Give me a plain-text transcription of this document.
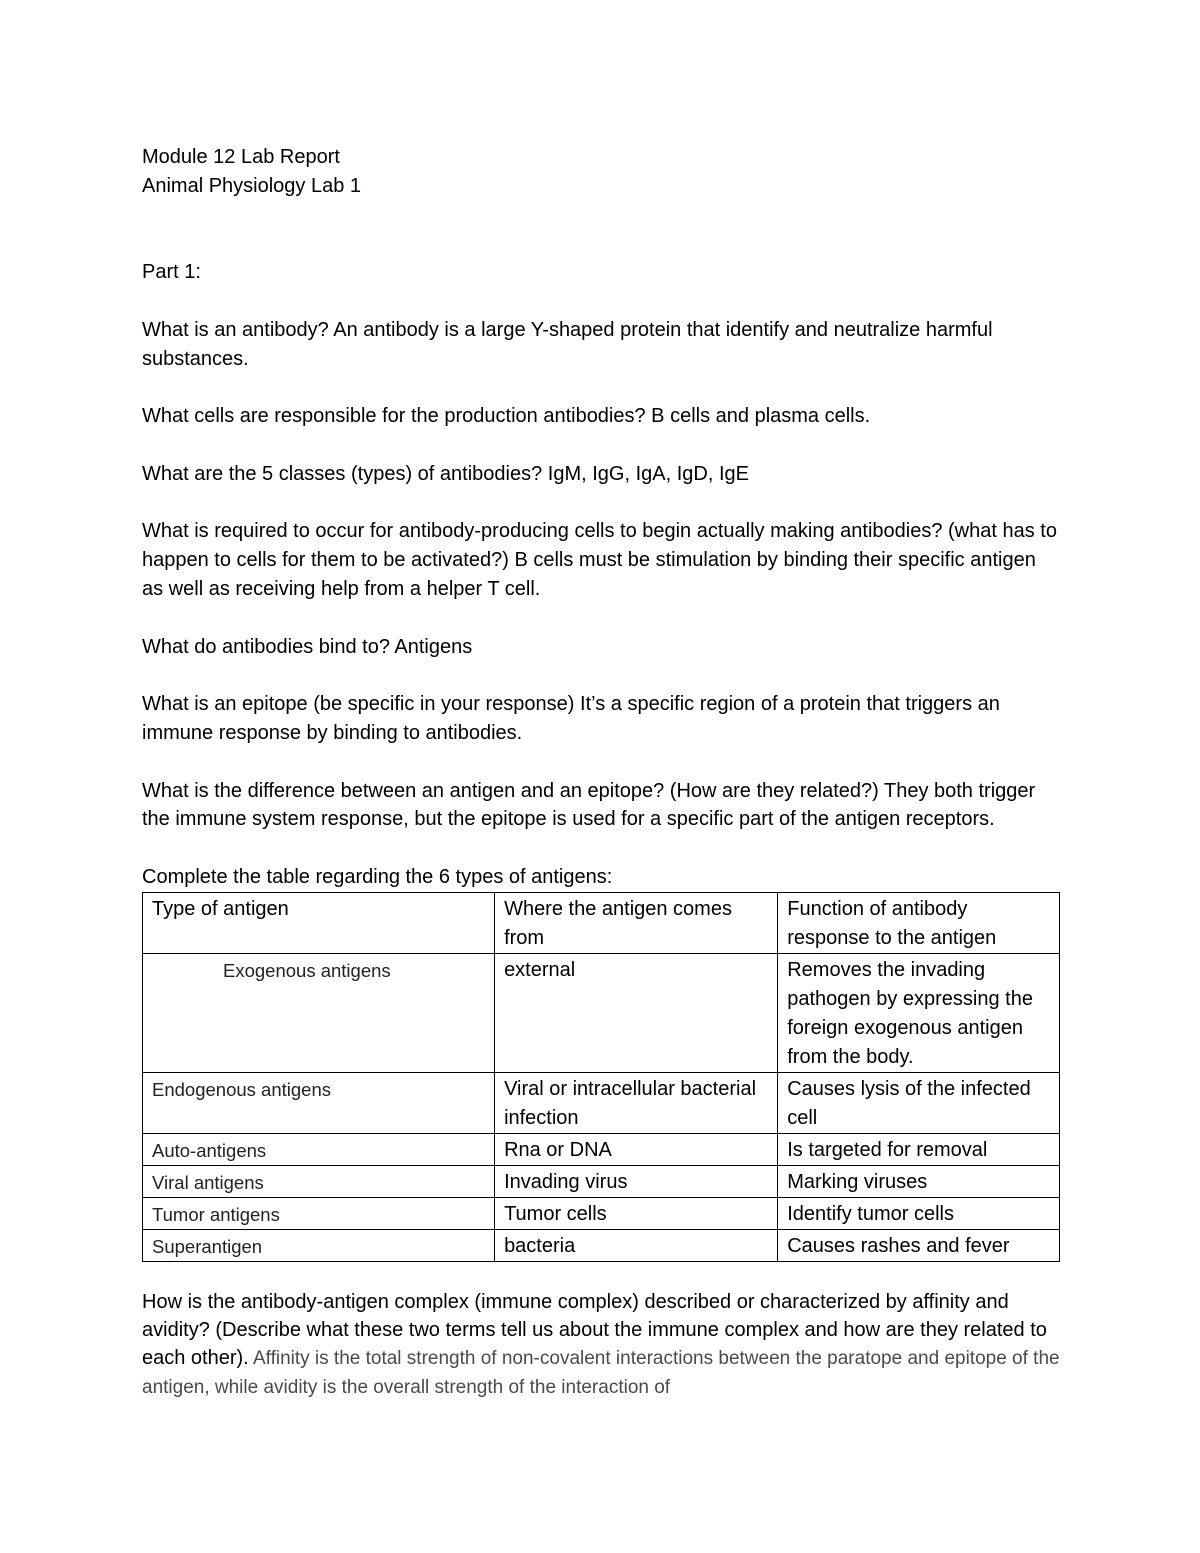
Module 12 Lab Report

Animal Physiology Lab 1

Part 1:

What is an antibody? An antibody is a large Y-shaped protein that identify and neutralize harmful substances.

What cells are responsible for the production antibodies? B cells and plasma cells.

What are the 5 classes (types) of antibodies? IgM, IgG, IgA, IgD, IgE

What is required to occur for antibody-producing cells to begin actually making antibodies? (what has to happen to cells for them to be activated?) B cells must be stimulation by binding their specific antigen as well as receiving help from a helper T cell.

What do antibodies bind to? Antigens

What is an epitope (be specific in your response) It’s a specific region of a protein that triggers an immune response by binding to antibodies.

What is the difference between an antigen and an epitope? (How are they related?) They both trigger the immune system response, but the epitope is used for a specific part of the antigen receptors.

Complete the table regarding the 6 types of antigens:

Type of antigen	Where the antigen comes from	Function of antibody response to the antigen
Exogenous antigens	external	Removes the invading pathogen by expressing the foreign exogenous antigen from the body.
Endogenous antigens	Viral or intracellular bacterial infection	Causes lysis of the infected cell
Auto-antigens	Rna or DNA	Is targeted for removal
Viral antigens	Invading virus	Marking viruses
Tumor antigens	Tumor cells	Identify tumor cells
Superantigen	bacteria	Causes rashes and fever

How is the antibody-antigen complex (immune complex) described or characterized by affinity and avidity? (Describe what these two terms tell us about the immune complex and how are they related to each other). Affinity is the total strength of non-covalent interactions between the paratope and epitope of the antigen, while avidity is the overall strength of the interaction of
